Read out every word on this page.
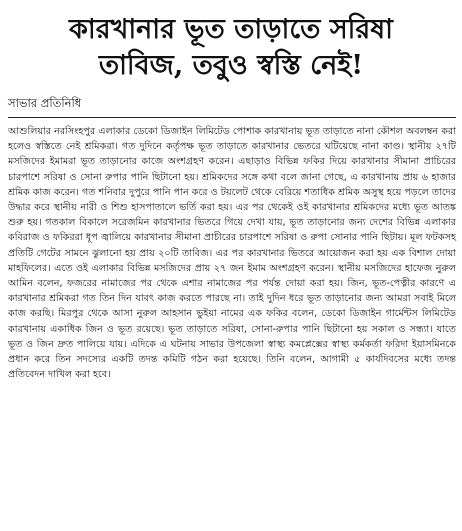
কারখানার ভূত তাড়াতে সরিষা
তাবিজ, তবুও স্বস্তি নেই!
সাভার প্রতিনিধি

আশুলিয়ার নরসিংহপুর এলাকার ডেকো ডিজাইন লিমিটেড পোশাক কারখানায় ভূত তাড়াতে নানা কৌশল অবলম্বন করা হলেও স্বস্তিতে নেই শ্রমিকরা। গত দুদিনে কর্তৃপক্ষ ভূত তাড়াতে কারখানার ভেতরে ঘটিয়েছে নানা কাণ্ড। স্থানীয় ২৭টি মসজিদের ইমামরা ভূত তাড়ানোর কাজে অংশগ্রহণ করেন। এছাড়াও বিভিন্ন ফকির দিয়ে কারখানার সীমানা প্রাচিরের চারপাশে সরিষা ও সোনা রুপার পানি ছিটানো হয়। শ্রমিকদের সঙ্গে কথা বলে জানা গেছে, এ কারখানায় প্রায় ৬ হাজার শ্রমিক কাজ করেন। গত শনিবার দুপুরে পানি পান করে ও টয়লেট থেকে বেরিয়ে শতাধিক শ্রমিক অসুস্থ হয়ে পড়লে তাদের উদ্ধার করে স্থানীয় নারী ও শিশু হাসপাতালে ভর্তি করা হয়। এর পর থেকেই ওই কারখানার শ্রমিকদের মধ্যে ভূত আতঙ্ক শুরু হয়। গতকাল বিকালে সরেজমিন কারখানার ভিতরে গিয়ে দেখা যায়, ভূত তাড়ানোর জন্য দেশের বিভিন্ন এলাকার কবিরাজ ও ফকিররা ধূপ জ্বালিয়ে কারখানার সীমানা প্রাচীরের চারপাশে সরিষা ও রুপা সোনার পানি ছিটায়। মূল ফটকসহ প্রতিটি গেটের সামনে ঝুলানো হয় প্রায় ২০টি তাবিজ। এর পর কারখানার ভিতরে আয়োজন করা হয় এক বিশাল দোয়া মাহফিলের। এতে ওই এলাকার বিভিন্ন মসজিদের প্রায় ২৭ জন ইমাম অংশগ্রহণ করেন। স্থানীয় মসজিদের হাফেজ নুরুল আমিন বলেন, ফজরের নামাজের পর থেকে এশার নামাজের পর পর্যন্ত দোয়া করা হয়। জিন, ভূত-পেত্নীর কারণে এ কারখানার শ্রমিকরা গত তিন দিন যাবৎ কাজ করতে পারছে না। তাই দুদিন ধরে ভূত তাড়ানোর জন্য আমরা সবাই মিলে কাজ করছি। মিরপুর থেকে আসা নুরুল আহসান ভুইয়া নামের এক ফকির বলেন, ডেকো ডিজাইন গার্মেন্টস লিমিটেড কারখানায় একাধিক জিন ও ভূত রয়েছে। ভূত তাড়াতে সরিষা, সোনা-রুপার পানি ছিটানো হয় সকাল ও সন্ধ্যা। যাতে ভূত ও জিন দ্রুত পালিয়ে যায়। এদিকে এ ঘটনায় সাভার উপজেলা স্বাস্থ্য কমপ্লেক্সের স্বাস্থ্য কর্মকর্তা ফরিদা ইয়াসমিনকে প্রধান করে তিন সদস্যের একটি তদন্ত কমিটি গঠন করা হয়েছে। তিনি বলেন, আগামী ৫ কার্যদিবসের মধ্যে তদন্ত প্রতিবেদন দাখিল করা হবে।
